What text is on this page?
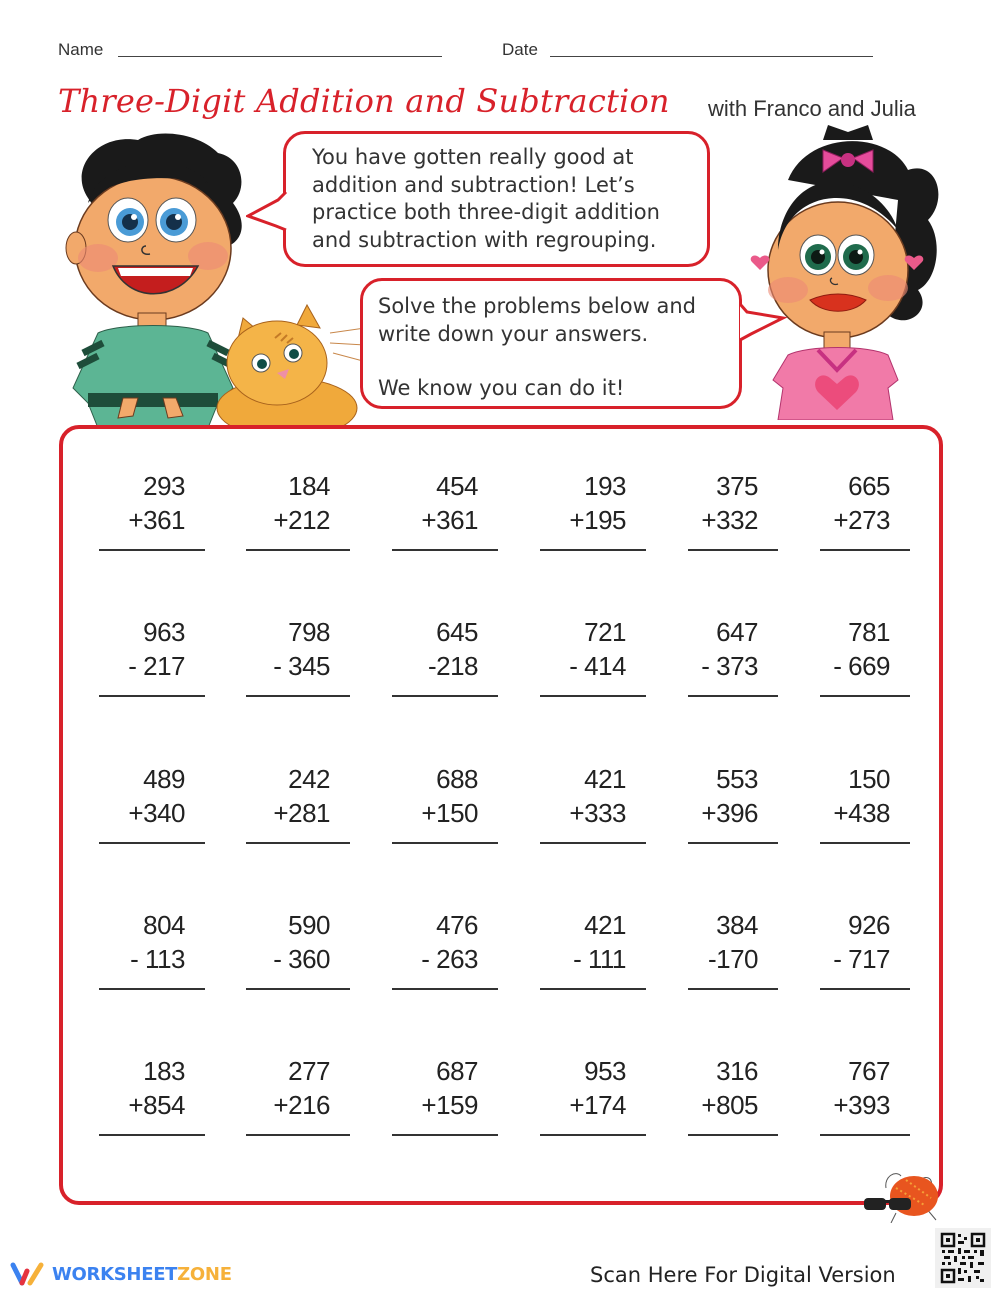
Name	Date
Three-Digit Addition and Subtraction with Franco and Julia

You have gotten really good at

addition and subtraction! Let’s

practice both three-digit addition

and subtraction with regrouping.

Solve the problems below and

write down your answers.

We know you can do it!

293
+361
184
+212
454
+361
193
+195
375
+332
665
+273
963
- 217
798
- 345
645
-218
721
- 414
647
- 373
781
- 669
489
+340
242
+281
688
+150
421
+333
553
+396
150
+438
804
- 113
590
- 360
476
- 263
421
- 111
384
-170
926
- 717
183
+854
277
+216
687
+159
953
+174
316
+805
767
+393
WORKSHEETZONE	Scan Here For Digital Version
